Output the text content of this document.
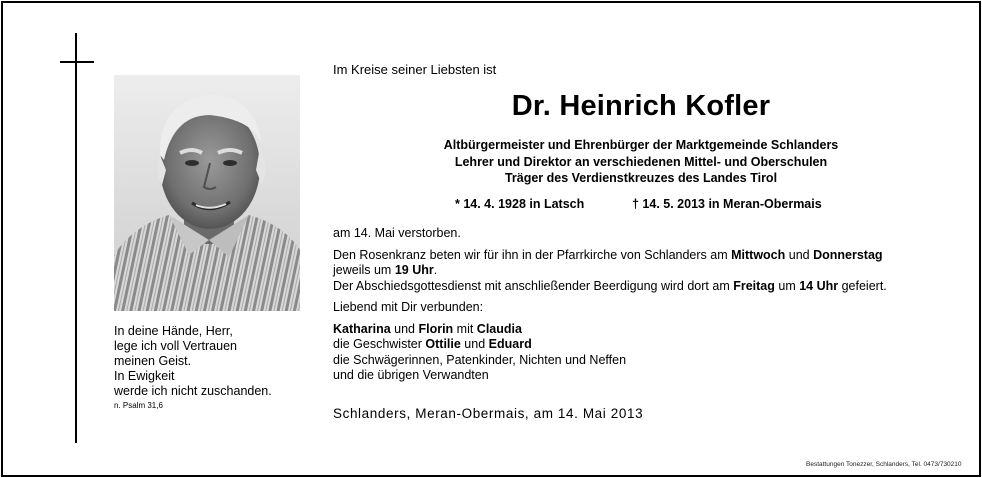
In deine Hände, Herr,
lege ich voll Vertrauen
meinen Geist.
In Ewigkeit
werde ich nicht zuschanden.
n. Psalm 31,6
Im Kreise seiner Liebsten ist
Dr. Heinrich Kofler
Altbürgermeister und Ehrenbürger der Marktgemeinde Schlanders
Lehrer und Direktor an verschiedenen Mittel- und Oberschulen
Träger des Verdienstkreuzes des Landes Tirol
* 14. 4. 1928 in Latsch	† 14. 5. 2013 in Meran-Obermais
am 14. Mai verstorben.
Den Rosenkranz beten wir für ihn in der Pfarrkirche von Schlanders am Mittwoch und Donnerstag
jeweils um 19 Uhr.
Der Abschiedsgottesdienst mit anschließender Beerdigung wird dort am Freitag um 14 Uhr gefeiert.
Liebend mit Dir verbunden:
Katharina und Florin mit Claudia
die Geschwister Ottilie und Eduard
die Schwägerinnen, Patenkinder, Nichten und Neffen
und die übrigen Verwandten
Schlanders, Meran-Obermais, am 14. Mai 2013
Bestattungen Tonezzer, Schlanders, Tel. 0473/730210
